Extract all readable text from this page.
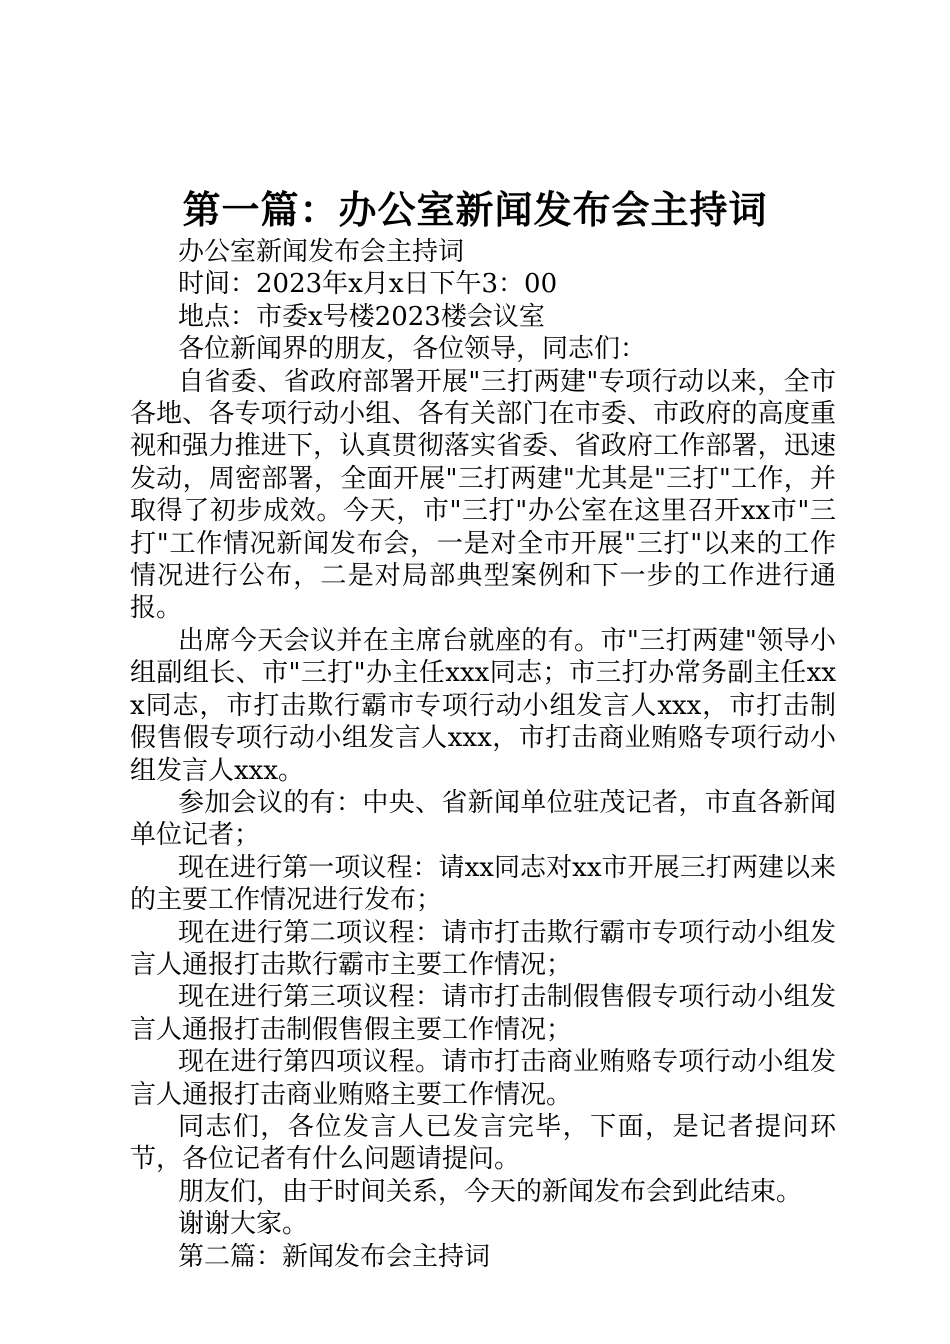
第一篇：办公室新闻发布会主持词

办公室新闻发布会主持词

时间：2023年x月x日下午3：00

地点：市委x号楼2023楼会议室

各位新闻界的朋友，各位领导，同志们：

自省委、省政府部署开展"三打两建"专项行动以来，全市各地、各专项行动小组、各有关部门在市委、市政府的高度重视和强力推进下，认真贯彻落实省委、省政府工作部署，迅速发动，周密部署，全面开展"三打两建"尤其是"三打"工作，并取得了初步成效。今天，市"三打"办公室在这里召开xx市"三打"工作情况新闻发布会，一是对全市开展"三打"以来的工作情况进行公布，二是对局部典型案例和下一步的工作进行通报。

出席今天会议并在主席台就座的有。市"三打两建"领导小组副组长、市"三打"办主任xxx同志；市三打办常务副主任xxx同志，市打击欺行霸市专项行动小组发言人xxx，市打击制假售假专项行动小组发言人xxx，市打击商业贿赂专项行动小组发言人xxx。

参加会议的有：中央、省新闻单位驻茂记者，市直各新闻单位记者；

现在进行第一项议程：请xx同志对xx市开展三打两建以来的主要工作情况进行发布；

现在进行第二项议程：请市打击欺行霸市专项行动小组发言人通报打击欺行霸市主要工作情况；

现在进行第三项议程：请市打击制假售假专项行动小组发言人通报打击制假售假主要工作情况；

现在进行第四项议程。请市打击商业贿赂专项行动小组发言人通报打击商业贿赂主要工作情况。

同志们，各位发言人已发言完毕，下面，是记者提问环节，各位记者有什么问题请提问。

朋友们，由于时间关系，今天的新闻发布会到此结束。

谢谢大家。

第二篇：新闻发布会主持词
